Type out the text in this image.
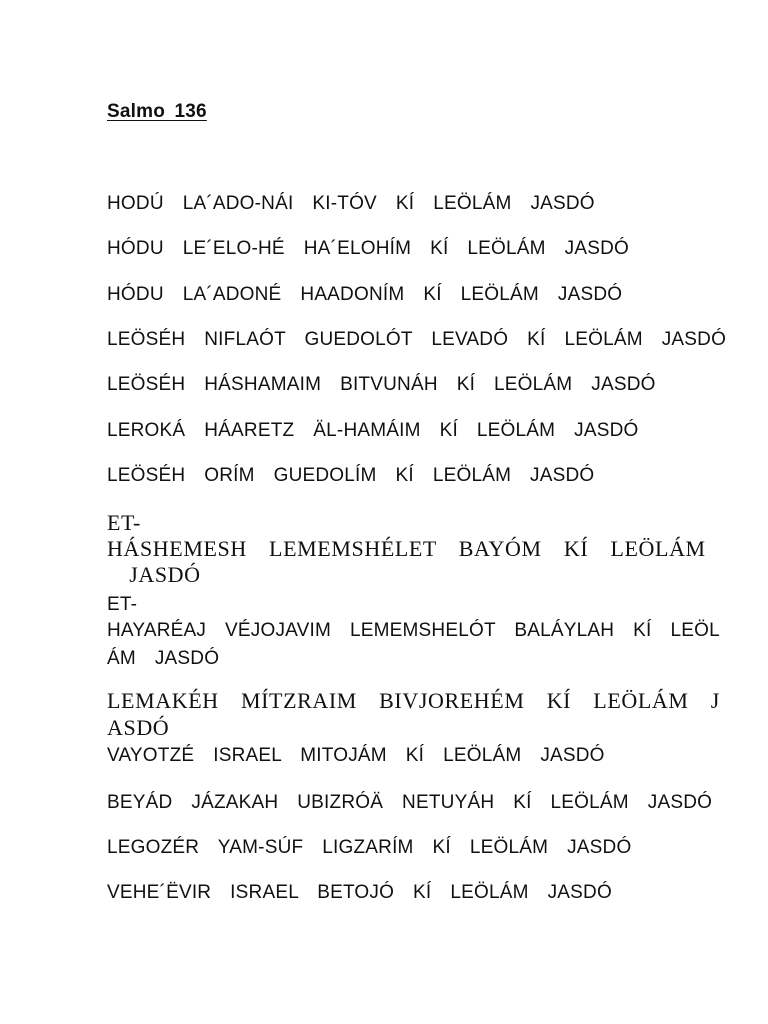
Salmo 136

HODÚ  LA´ADO-NÁI  KI-TÓV  KÍ  LEÖLÁM  JASDÓ

HÓDU  LE´ELO-HÉ  HA´ELOHÍM  KÍ  LEÖLÁM  JASDÓ

HÓDU  LA´ADONÉ  HAADONÍM  KÍ  LEÖLÁM  JASDÓ

LEÖSÉH  NIFLAÓT  GUEDOLÓT  LEVADÓ  KÍ  LEÖLÁM  JASDÓ

LEÖSÉH  HÁSHAMAIM  BITVUNÁH  KÍ  LEÖLÁM  JASDÓ

LEROKÁ  HÁARETZ  ÄL-HAMÁIM  KÍ  LEÖLÁM  JASDÓ

LEÖSÉH  ORÍM  GUEDOLÍM  KÍ  LEÖLÁM  JASDÓ

ET-

HÁSHEMESH  LEMEMSHÉLET  BAYÓM  KÍ  LEÖLÁM

JASDÓ

ET-

HAYARÉAJ  VÉJOJAVIM  LEMEMSHELÓT  BALÁYLAH  KÍ  LEÖL

ÁM  JASDÓ

LEMAKÉH  MÍTZRAIM  BIVJOREHÉM  KÍ  LEÖLÁM  J

ASDÓ

VAYOTZÉ  ISRAEL  MITOJÁM  KÍ  LEÖLÁM  JASDÓ

BEYÁD  JÁZAKAH  UBIZRÓÄ  NETUYÁH  KÍ  LEÖLÁM  JASDÓ

LEGOZÉR  YAM-SÚF  LIGZARÍM  KÍ  LEÖLÁM  JASDÓ

VEHE´ËVIR  ISRAEL  BETOJÓ  KÍ  LEÖLÁM  JASDÓ
